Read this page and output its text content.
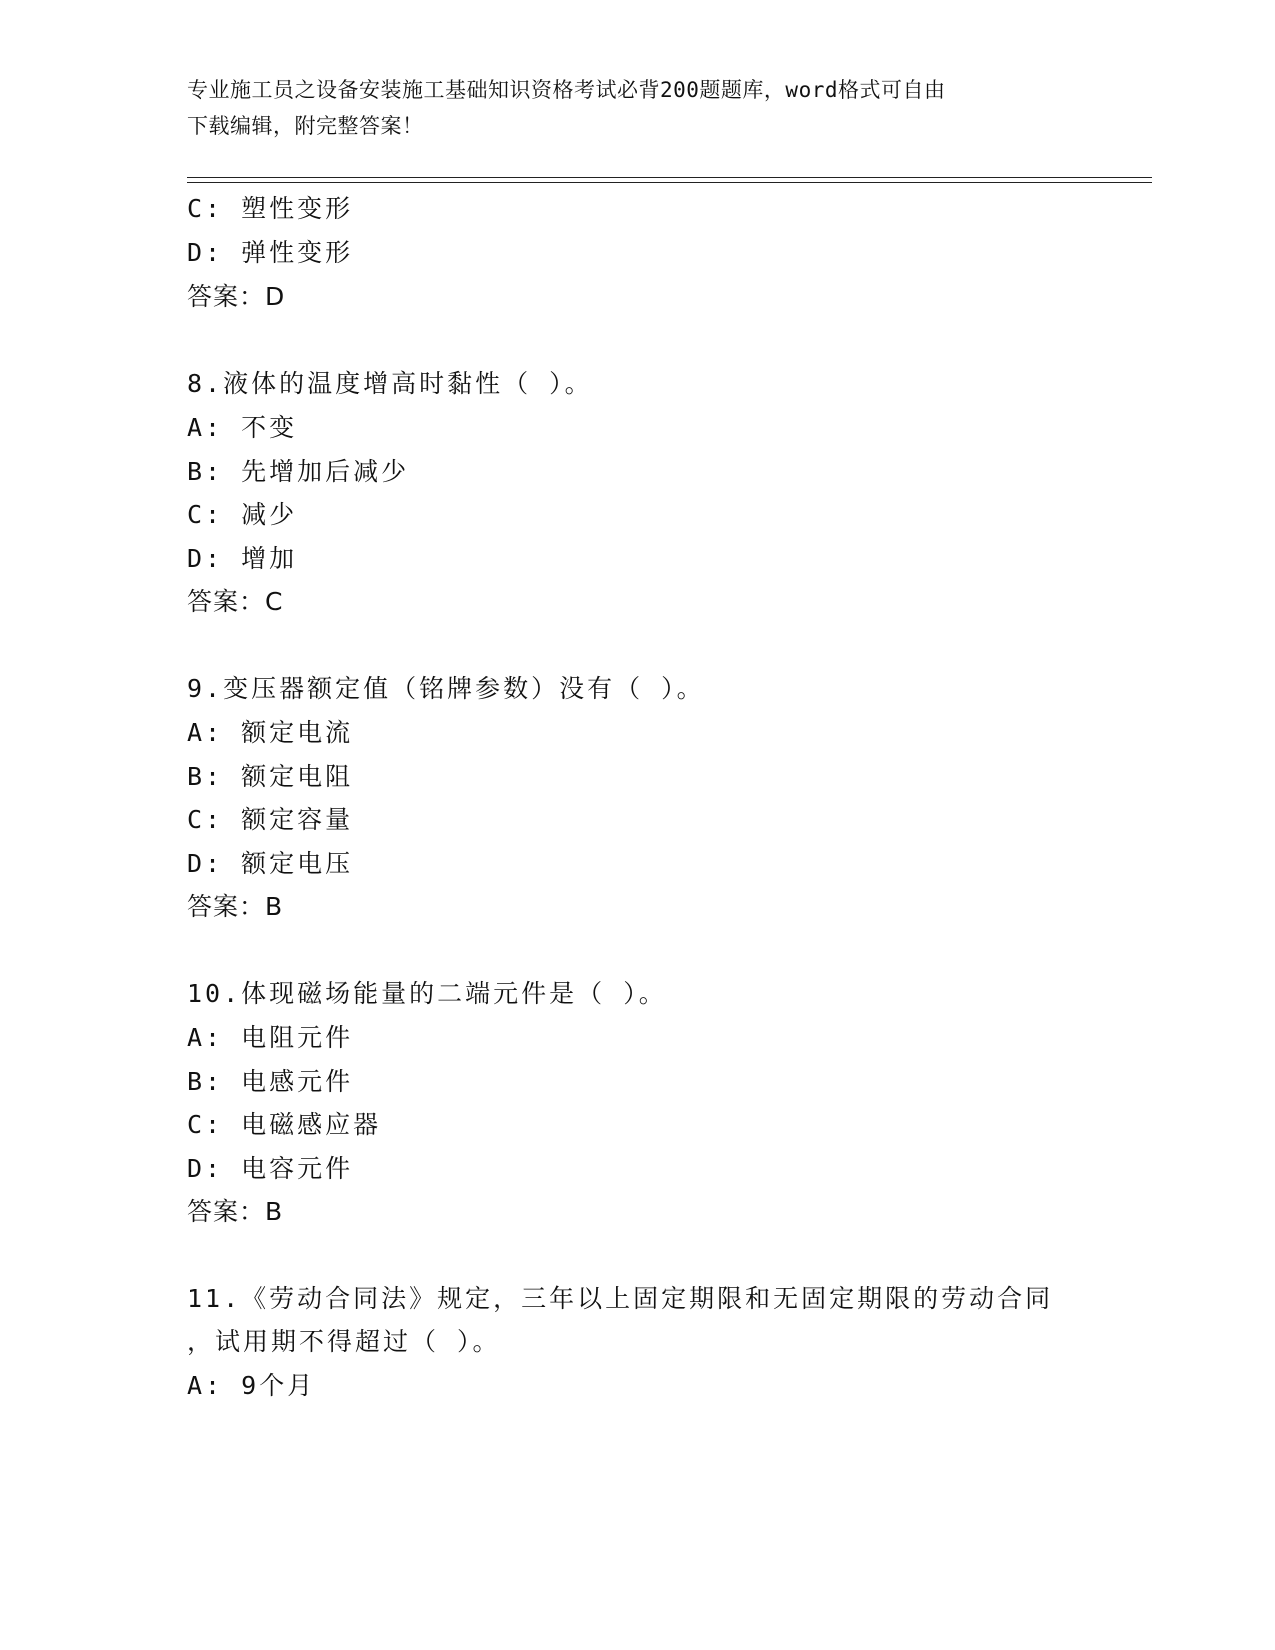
专业施工员之设备安装施工基础知识资格考试必背200题题库，word格式可自由
下载编辑，附完整答案！
C: 塑性变形
D: 弹性变形
答案：D
8.液体的温度增高时黏性（ ）。
A: 不变
B: 先增加后减少
C: 减少
D: 增加
答案：C
9.变压器额定值（铭牌参数）没有（ ）。
A: 额定电流
B: 额定电阻
C: 额定容量
D: 额定电压
答案：B
10.体现磁场能量的二端元件是（ ）。
A: 电阻元件
B: 电感元件
C: 电磁感应器
D: 电容元件
答案：B
11.《劳动合同法》规定，三年以上固定期限和无固定期限的劳动合同
，试用期不得超过（ ）。
A: 9个月
